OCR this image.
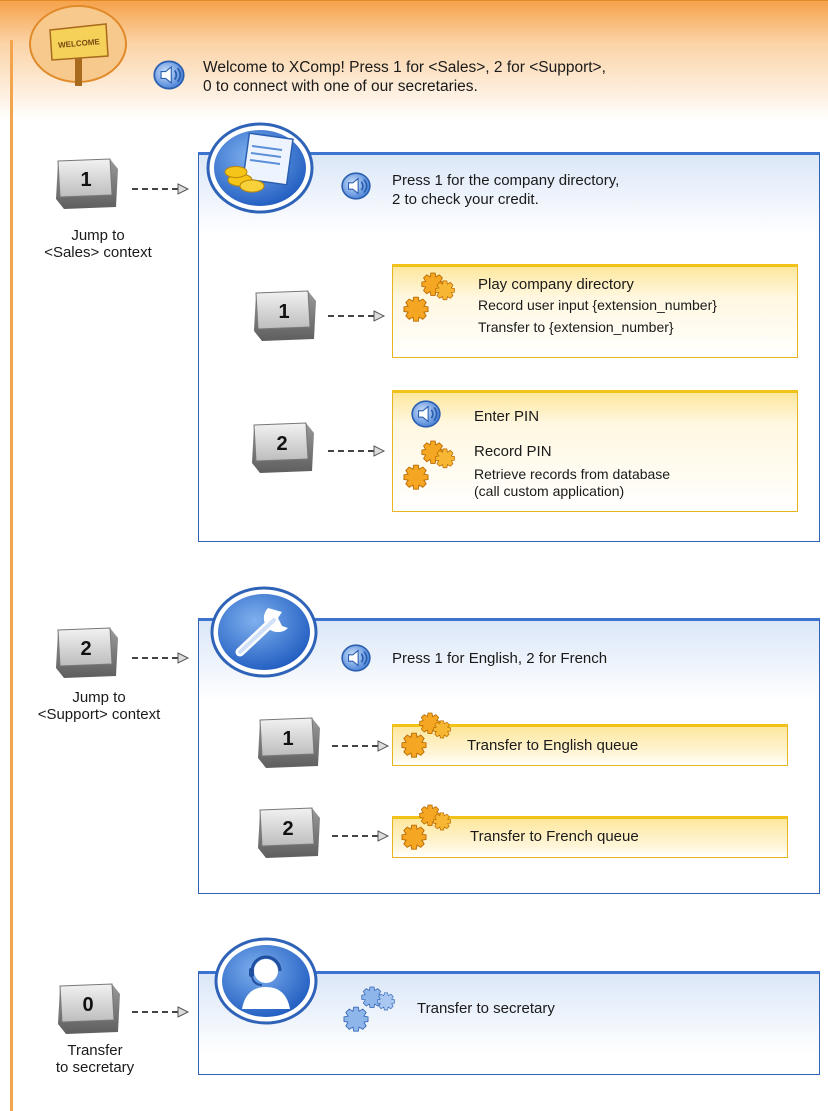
WELCOME
Welcome to XComp! Press 1 for <Sales>, 2 for <Support>,
0 to connect with one of our secretaries.
1
Jump to
<Sales> context
Press 1 for the company directory,
2 to check your credit.
1
Play company directory
Record user input {extension_number}
Transfer to {extension_number}
2
Enter PIN
Record PIN
Retrieve records from database
(call custom application)
2
Jump to
<Support> context
Press 1 for English, 2 for French
1	Transfer to English queue
2	Transfer to French queue
0
Transfer
to secretary
Transfer to secretary
